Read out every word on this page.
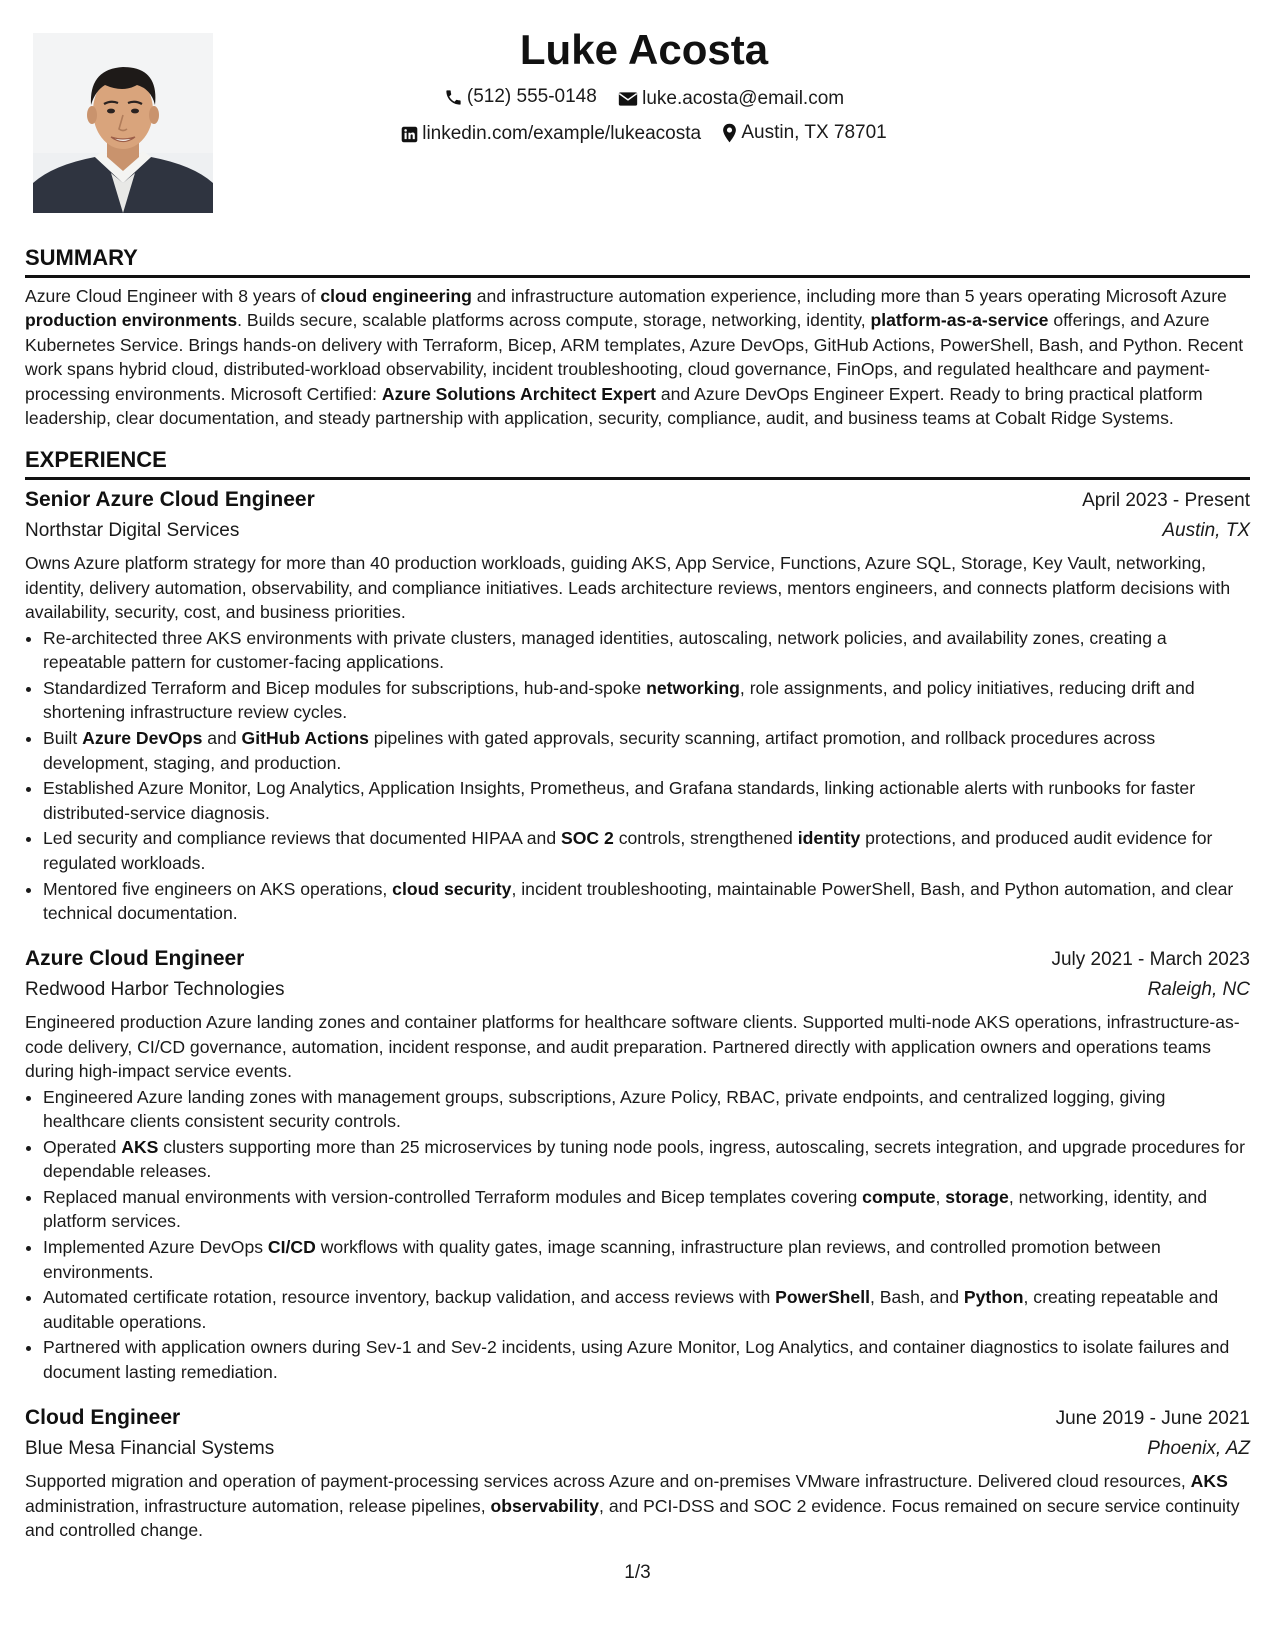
Luke Acosta
(512) 555-0148
luke.acosta@email.com
linkedin.com/example/lukeacosta
Austin, TX 78701
SUMMARY

Azure Cloud Engineer with 8 years of cloud engineering and infrastructure automation experience, including more than 5 years operating Microsoft Azure production environments. Builds secure, scalable platforms across compute, storage, networking, identity, platform-as-a-service offerings, and Azure Kubernetes Service. Brings hands-on delivery with Terraform, Bicep, ARM templates, Azure DevOps, GitHub Actions, PowerShell, Bash, and Python. Recent work spans hybrid cloud, distributed-workload observability, incident troubleshooting, cloud governance, FinOps, and regulated healthcare and payment-processing environments. Microsoft Certified: Azure Solutions Architect Expert and Azure DevOps Engineer Expert. Ready to bring practical platform leadership, clear documentation, and steady partnership with application, security, compliance, audit, and business teams at Cobalt Ridge Systems.

EXPERIENCE
Senior Azure Cloud Engineer	April 2023 - Present
Northstar Digital Services	Austin, TX

Owns Azure platform strategy for more than 40 production workloads, guiding AKS, App Service, Functions, Azure SQL, Storage, Key Vault, networking, identity, delivery automation, observability, and compliance initiatives. Leads architecture reviews, mentors engineers, and connects platform decisions with availability, security, cost, and business priorities.

• Re-architected three AKS environments with private clusters, managed identities, autoscaling, network policies, and availability zones, creating a repeatable pattern for customer-facing applications.
• Standardized Terraform and Bicep modules for subscriptions, hub-and-spoke networking, role assignments, and policy initiatives, reducing drift and shortening infrastructure review cycles.
• Built Azure DevOps and GitHub Actions pipelines with gated approvals, security scanning, artifact promotion, and rollback procedures across development, staging, and production.
• Established Azure Monitor, Log Analytics, Application Insights, Prometheus, and Grafana standards, linking actionable alerts with runbooks for faster distributed-service diagnosis.
• Led security and compliance reviews that documented HIPAA and SOC 2 controls, strengthened identity protections, and produced audit evidence for regulated workloads.
• Mentored five engineers on AKS operations, cloud security, incident troubleshooting, maintainable PowerShell, Bash, and Python automation, and clear technical documentation.
Azure Cloud Engineer	July 2021 - March 2023
Redwood Harbor Technologies	Raleigh, NC

Engineered production Azure landing zones and container platforms for healthcare software clients. Supported multi-node AKS operations, infrastructure-as-code delivery, CI/CD governance, automation, incident response, and audit preparation. Partnered directly with application owners and operations teams during high-impact service events.

• Engineered Azure landing zones with management groups, subscriptions, Azure Policy, RBAC, private endpoints, and centralized logging, giving healthcare clients consistent security controls.
• Operated AKS clusters supporting more than 25 microservices by tuning node pools, ingress, autoscaling, secrets integration, and upgrade procedures for dependable releases.
• Replaced manual environments with version-controlled Terraform modules and Bicep templates covering compute, storage, networking, identity, and platform services.
• Implemented Azure DevOps CI/CD workflows with quality gates, image scanning, infrastructure plan reviews, and controlled promotion between environments.
• Automated certificate rotation, resource inventory, backup validation, and access reviews with PowerShell, Bash, and Python, creating repeatable and auditable operations.
• Partnered with application owners during Sev-1 and Sev-2 incidents, using Azure Monitor, Log Analytics, and container diagnostics to isolate failures and document lasting remediation.
Cloud Engineer	June 2019 - June 2021
Blue Mesa Financial Systems	Phoenix, AZ

Supported migration and operation of payment-processing services across Azure and on-premises VMware infrastructure. Delivered cloud resources, AKS administration, infrastructure automation, release pipelines, observability, and PCI-DSS and SOC 2 evidence. Focus remained on secure service continuity and controlled change.

1/3
